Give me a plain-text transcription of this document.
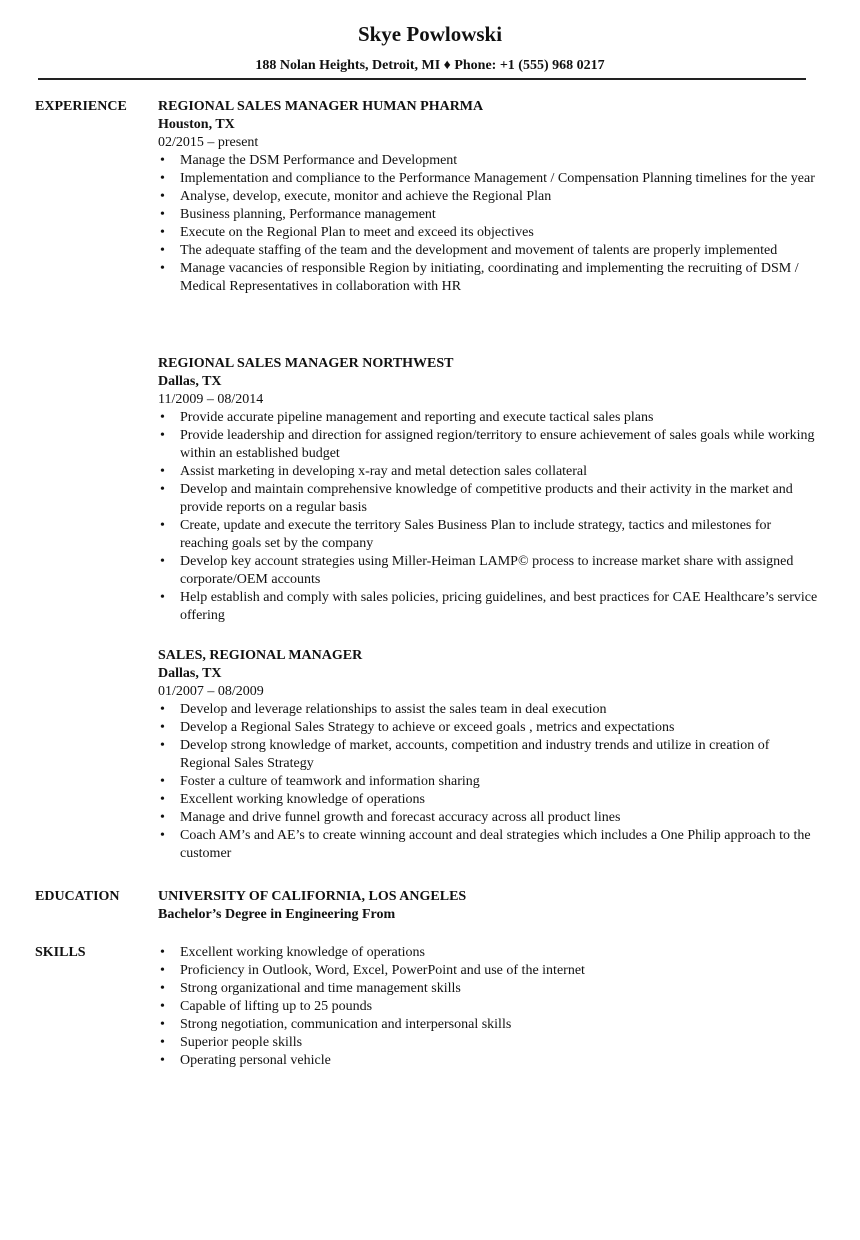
Skye Powlowski
188 Nolan Heights, Detroit, MI ♦ Phone: +1 (555) 968 0217
EXPERIENCE REGIONAL SALES MANAGER HUMAN PHARMA
Houston, TX
02/2015 – present
• Manage the DSM Performance and Development
• Implementation and compliance to the Performance Management / Compensation Planning timelines for the year
• Analyse, develop, execute, monitor and achieve the Regional Plan
• Business planning, Performance management
• Execute on the Regional Plan to meet and exceed its objectives
• The adequate staffing of the team and the development and movement of talents are properly implemented
• Manage vacancies of responsible Region by initiating, coordinating and implementing the recruiting of DSM / Medical Representatives in collaboration with HR
REGIONAL SALES MANAGER NORTHWEST
Dallas, TX
11/2009 – 08/2014
• Provide accurate pipeline management and reporting and execute tactical sales plans
• Provide leadership and direction for assigned region/territory to ensure achievement of sales goals while working within an established budget
• Assist marketing in developing x-ray and metal detection sales collateral
• Develop and maintain comprehensive knowledge of competitive products and their activity in the market and provide reports on a regular basis
• Create, update and execute the territory Sales Business Plan to include strategy, tactics and milestones for reaching goals set by the company
• Develop key account strategies using Miller-Heiman LAMP© process to increase market share with assigned corporate/OEM accounts
• Help establish and comply with sales policies, pricing guidelines, and best practices for CAE Healthcare’s service offering
SALES, REGIONAL MANAGER
Dallas, TX
01/2007 – 08/2009
• Develop and leverage relationships to assist the sales team in deal execution
• Develop a Regional Sales Strategy to achieve or exceed goals , metrics and expectations
• Develop strong knowledge of market, accounts, competition and industry trends and utilize in creation of Regional Sales Strategy
• Foster a culture of teamwork and information sharing
• Excellent working knowledge of operations
• Manage and drive funnel growth and forecast accuracy across all product lines
• Coach AM’s and AE’s to create winning account and deal strategies which includes a One Philip approach to the customer
EDUCATION	UNIVERSITY OF CALIFORNIA, LOS ANGELES
Bachelor’s Degree in Engineering From
SKILLS
•	Excellent working knowledge of operations
• Proficiency in Outlook, Word, Excel, PowerPoint and use of the internet
• Strong organizational and time management skills
• Capable of lifting up to 25 pounds
• Strong negotiation, communication and interpersonal skills
• Superior people skills
• Operating personal vehicle
